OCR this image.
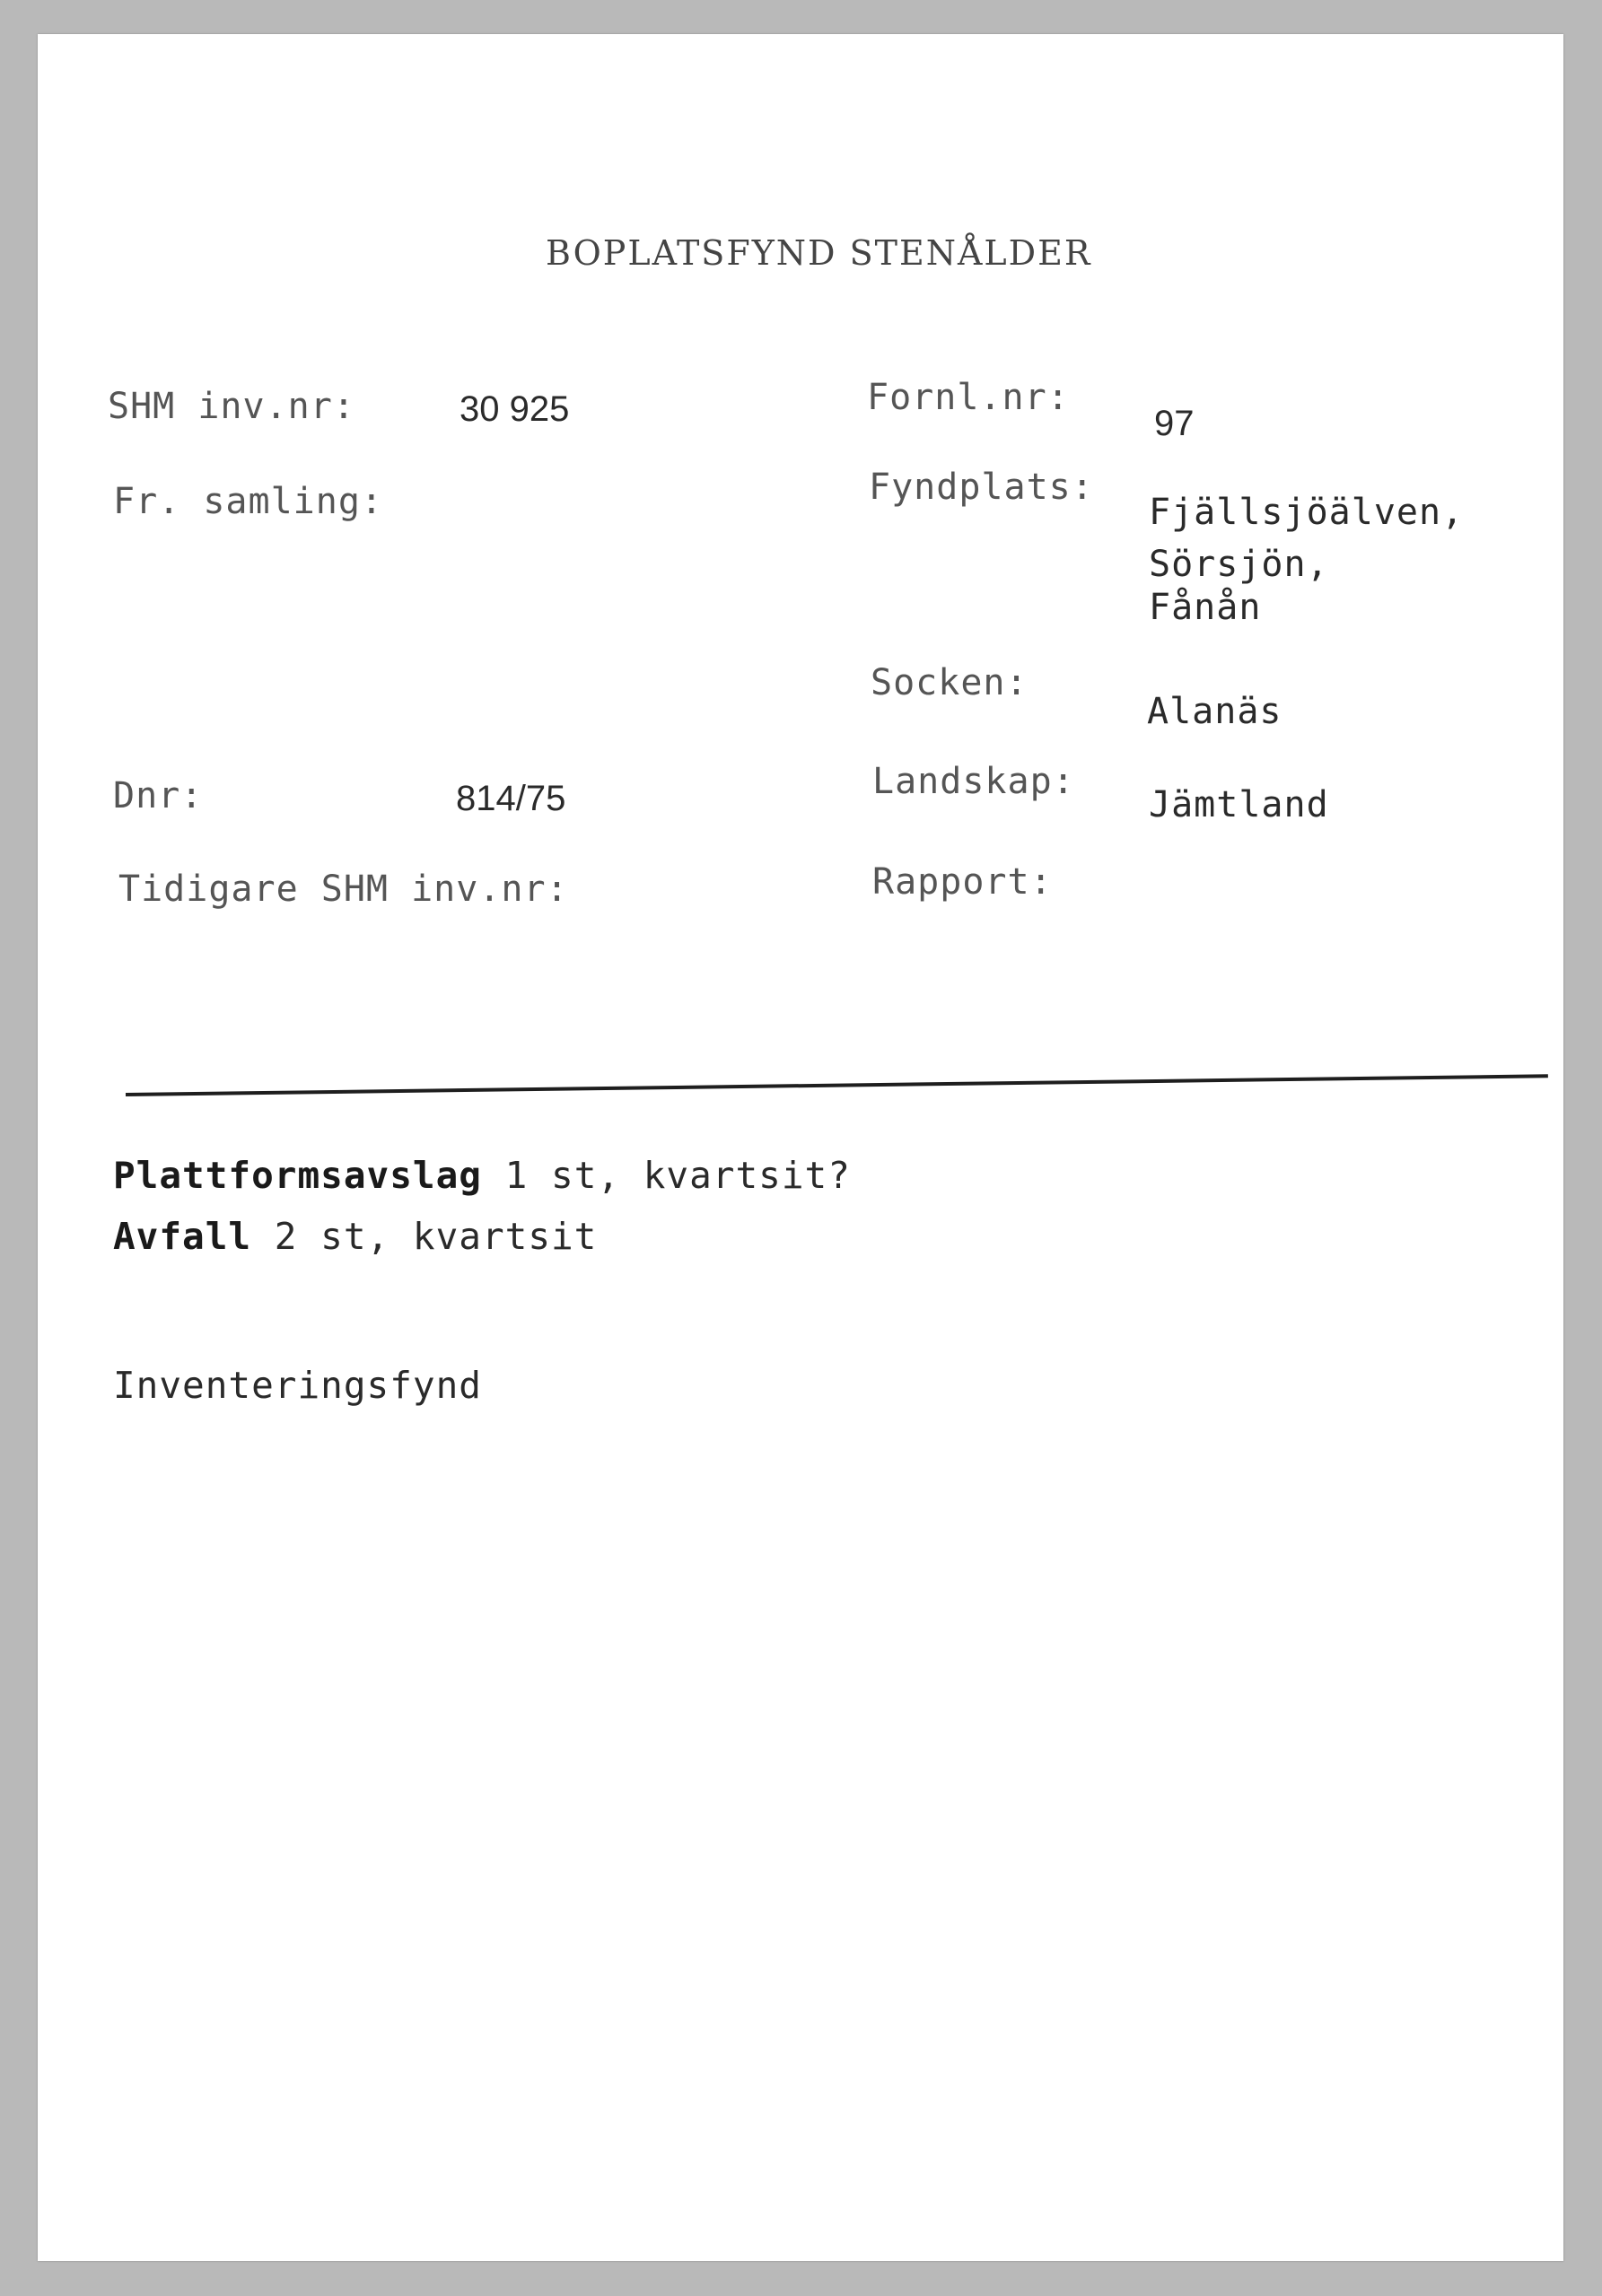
BOPLATSFYND STENÅLDER
SHM inv.nr:	30 925
Fr. samling:
Dnr:	814/75
Tidigare SHM inv.nr:
Fornl.nr:
97
Fyndplats:
Fjällsjöälven,
Sörsjön,
Fånån
Socken:
Alanäs
Landskap:
Jämtland
Rapport:
Plattformsavslag 1 st, kvartsit?
Avfall 2 st, kvartsit
Inventeringsfynd
